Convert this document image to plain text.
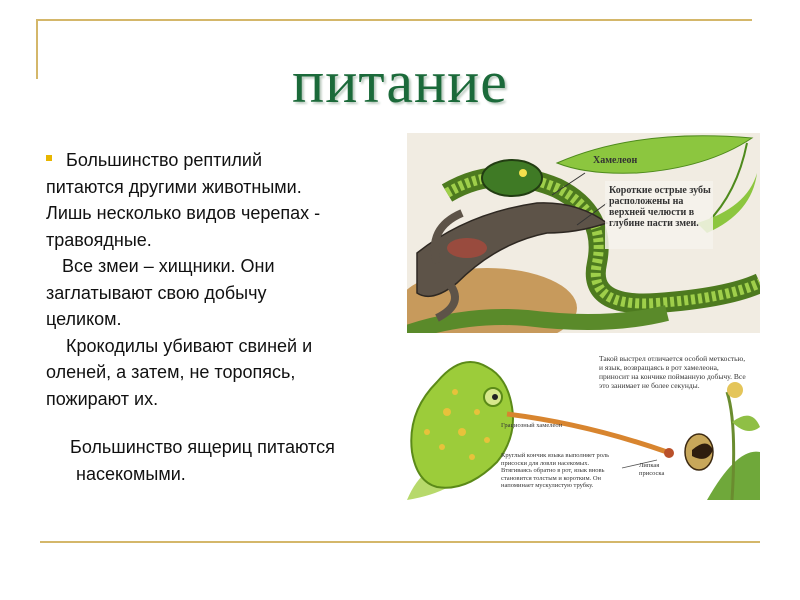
питание

Большинство рептилий

питаются другими животными.

Лишь несколько видов черепах -

травоядные.

Все змеи – хищники. Они

заглатывают свою добычу

целиком.

Крокодилы убивают свиней и

оленей, а затем, не торопясь,

пожирают их.

Большинство ящериц питаются

насекомыми.

Хамелеон
Короткие острые зубы расположены на верхней челюсти в глубине пасти змеи.
Такой выстрел отличается особой меткостью, и язык, возвращаясь в рот хамелеона, приносит на кончике пойманную добычу. Все это занимает не более секунды.
Грациозный хамелеон
Круглый кончик языка выполняет роль присоски для ловли насекомых. Втягиваясь обратно в рот, язык вновь становится толстым и коротким. Он напоминает мускулистую трубку.
Липкая присоска
